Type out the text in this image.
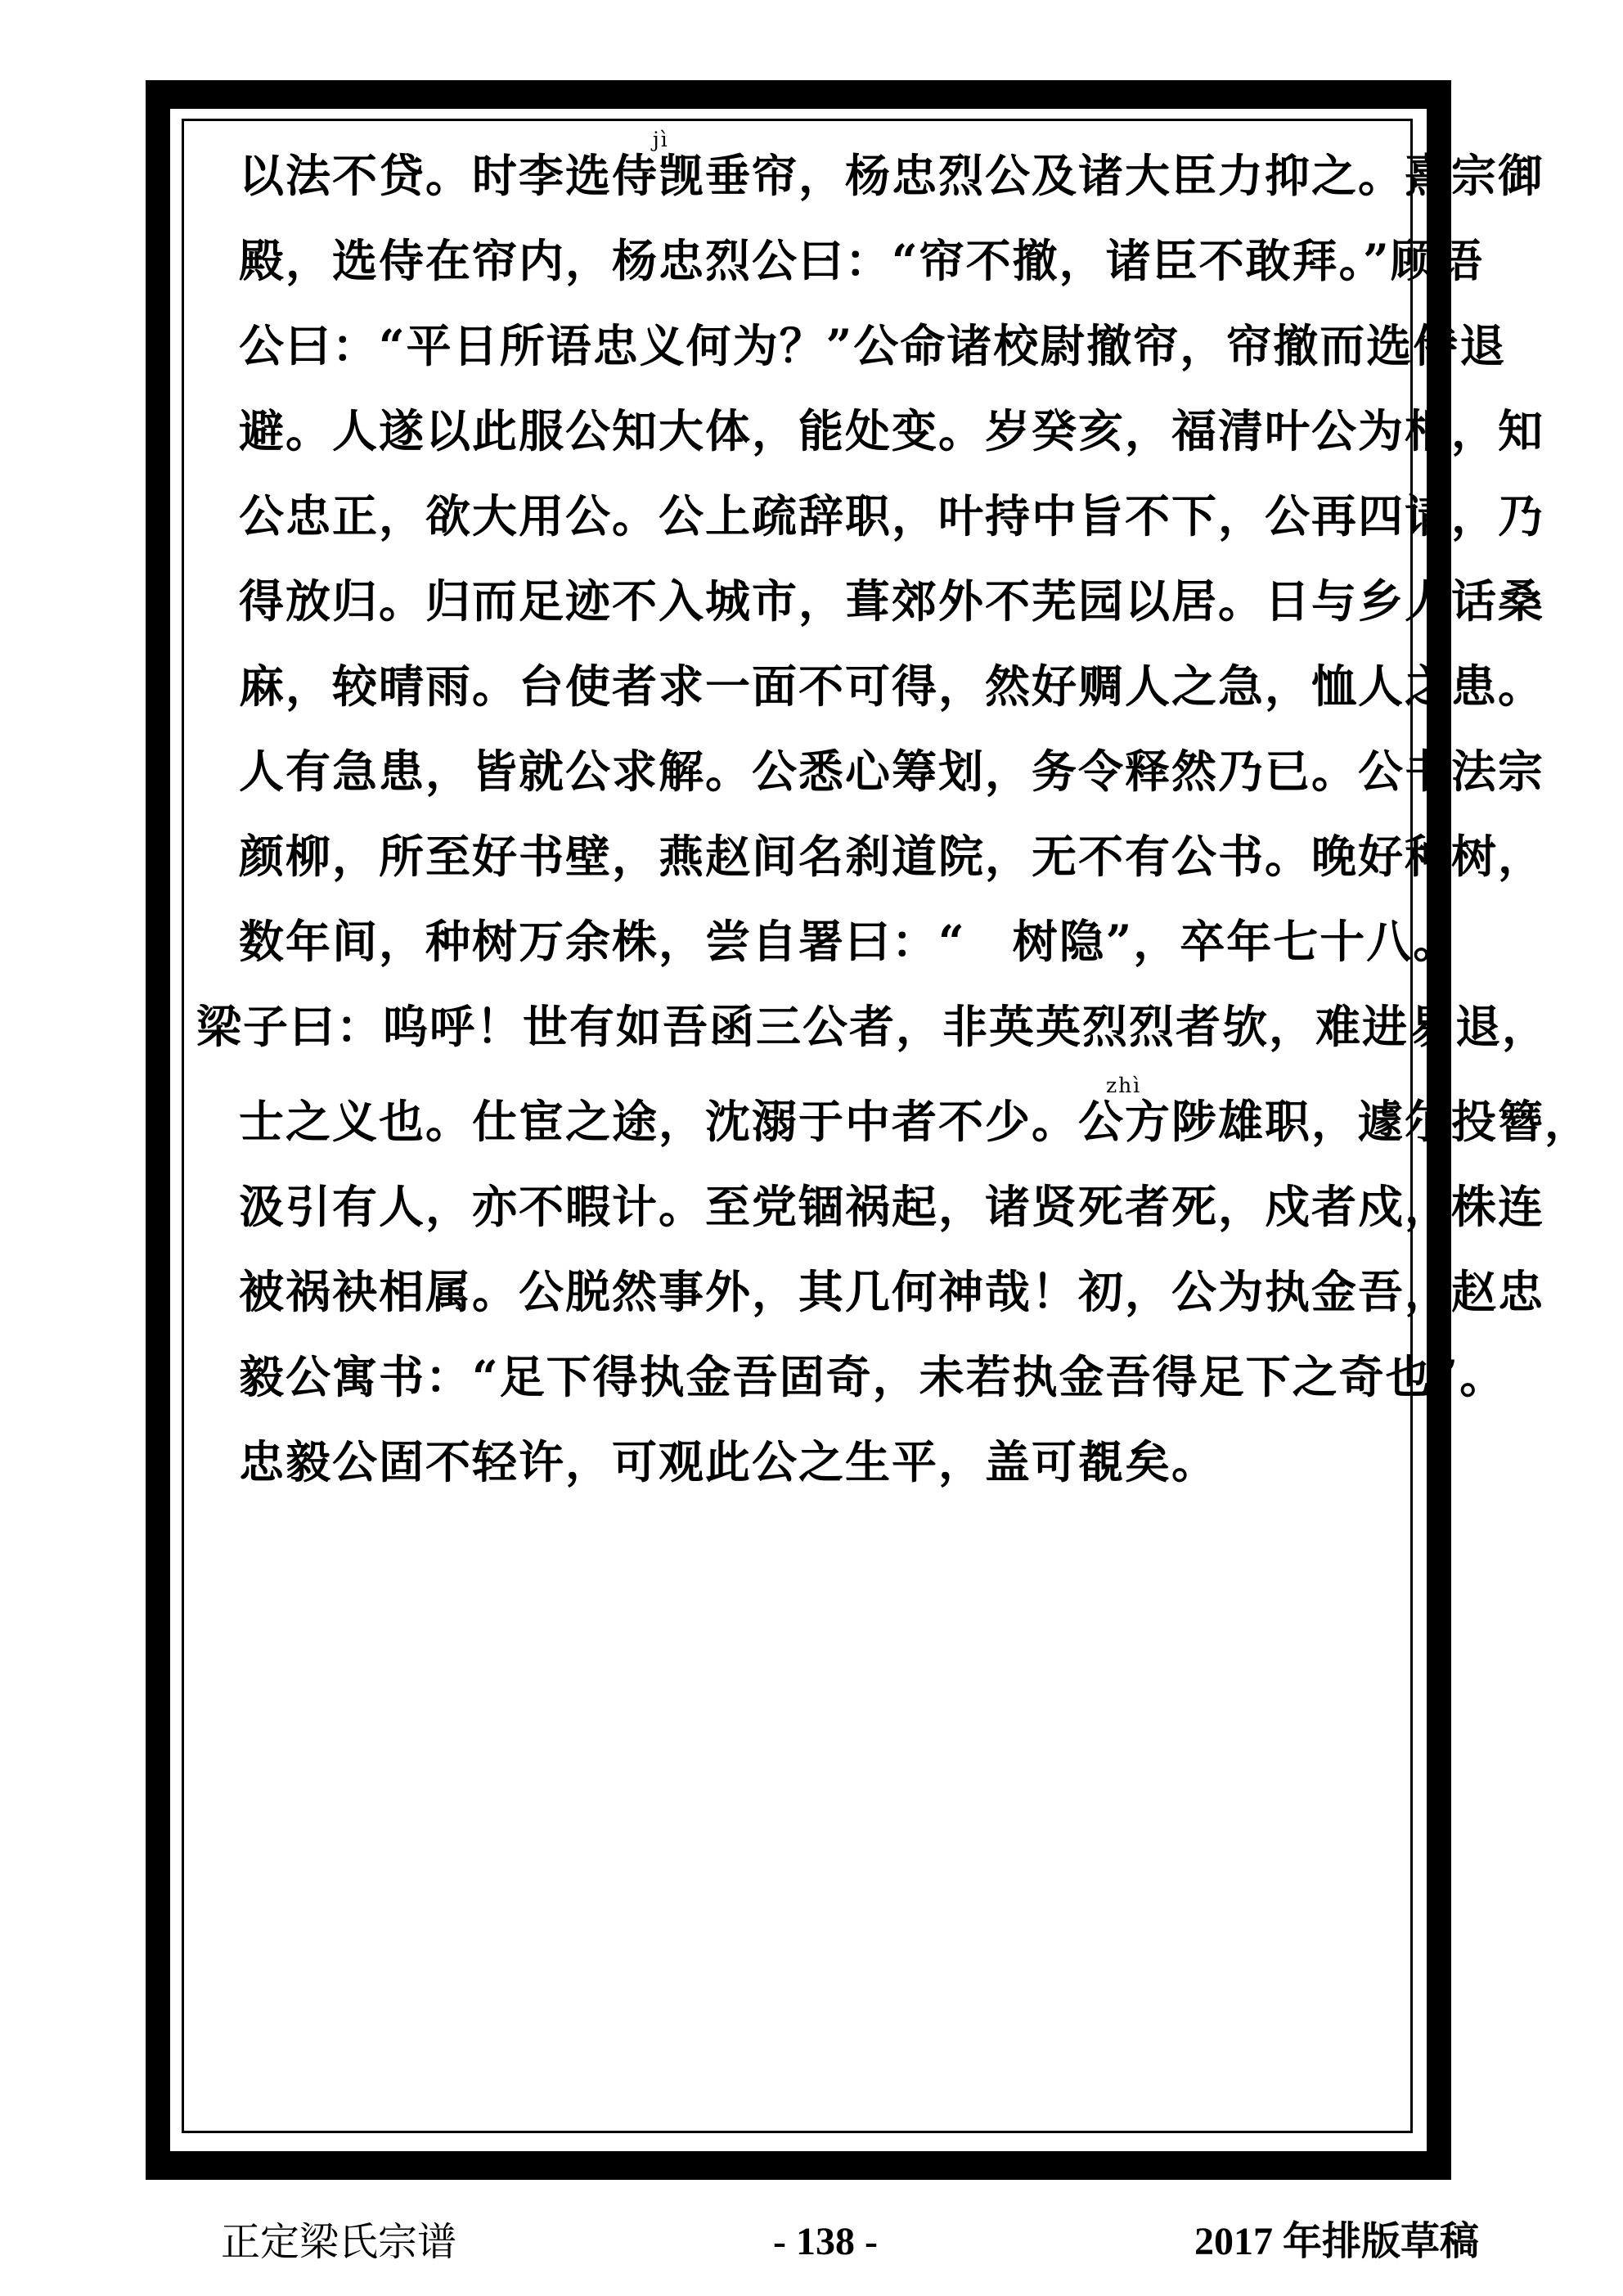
jì
以法不贷。时李选侍觊垂帘，杨忠烈公及诸大臣力抑之。熹宗御
殿，选侍在帘内，杨忠烈公曰：“帘不撤，诸臣不敢拜。”顾语
公曰：“平日所语忠义何为？”公命诸校尉撤帘，帘撤而选侍退
避。人遂以此服公知大体，能处变。岁癸亥，福清叶公为相，知
公忠正，欲大用公。公上疏辞职，叶持中旨不下，公再四请，乃
得放归。归而足迹不入城市，葺郊外不芜园以居。日与乡人话桑
麻，较晴雨。台使者求一面不可得，然好赒人之急，恤人之患。
人有急患，皆就公求解。公悉心筹划，务令释然乃已。公书法宗
颜柳，所至好书壁，燕赵间名刹道院，无不有公书。晚好种树，
数年间，种树万余株，尝自署曰：“　树隐”，卒年七十八。
梁子曰：呜呼！世有如吾函三公者，非英英烈烈者欤，难进易退，
zhì
士之义也。仕宦之途，沈溺于中者不少。公方陟雄职，遽尔投簪，
汲引有人，亦不暇计。至党锢祸起，诸贤死者死，戍者戍，株连
被祸袂相属。公脱然事外，其几何神哉！初，公为执金吾，赵忠
毅公寓书：“足下得执金吾固奇，未若执金吾得足下之奇也”。
忠毅公固不轻许，可观此公之生平，盖可覩矣。
正定梁氏宗谱	- 138 -	2017 年排版草稿
